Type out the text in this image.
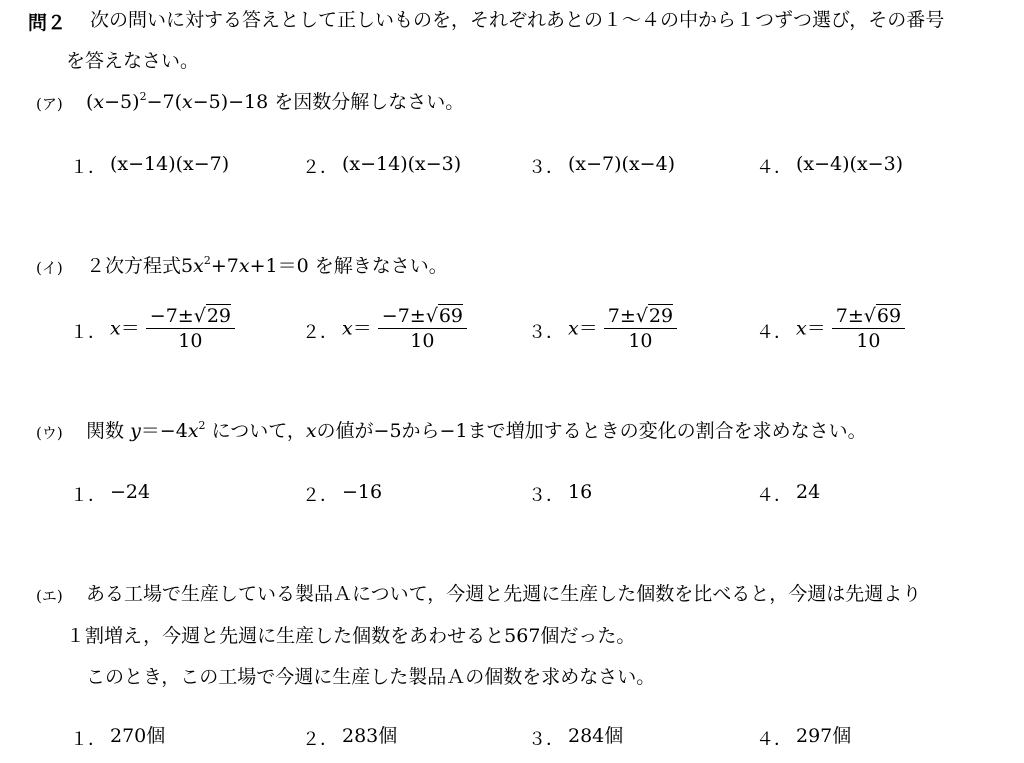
問２ 次の問いに対する答えとして正しいものを，それぞれあとの１～４の中から１つずつ選び，その番号
を答えなさい。
(ア) $(x-5)^2-7(x-5)-18$ を因数分解しなさい。
１． (x−14)(x−7)	２． (x−14)(x−3)	３． (x−7)(x−4)	４． (x−4)(x−3)
(イ) ２次方程式$5x^2+7x+1=0$ を解きなさい。
１． $x= \frac{-7\pm√29}{10}$	２． $x= \frac{-7\pm√69}{10}$	３． $x= \frac{7\pm√29}{10}$	４． $x= \frac{7\pm√69}{10}$
(ウ) 関数 $y=-4x^2$ について，xの値が−5から−1まで増加するときの変化の割合を求めなさい。
１． −24	２． −16	３． 16	４． 24
(エ) ある工場で生産している製品Ａについて，今週と先週に生産した個数を比べると，今週は先週より
１割増え，今週と先週に生産した個数をあわせると567個だった。
このとき，この工場で今週に生産した製品Ａの個数を求めなさい。
１． 270個	２． 283個	３． 284個	４． 297個
